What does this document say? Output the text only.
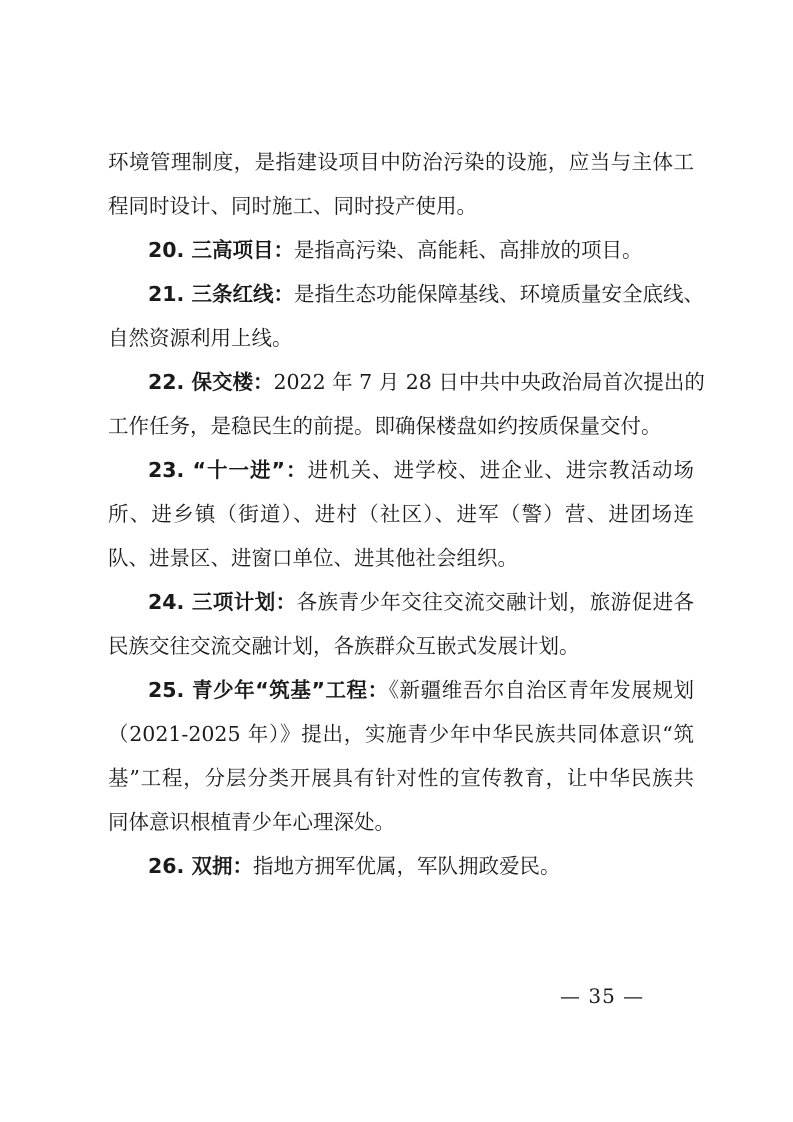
环境管理制度，是指建设项目中防治污染的设施，应当与主体工
程同时设计、同时施工、同时投产使用。
20. 三高项目：是指高污染、高能耗、高排放的项目。
21. 三条红线：是指生态功能保障基线、环境质量安全底线、
自然资源利用上线。
22. 保交楼：2022 年 7 月 28 日中共中央政治局首次提出的
工作任务，是稳民生的前提。即确保楼盘如约按质保量交付。
23. “十一进”：进机关、进学校、进企业、进宗教活动场
所、进乡镇（街道）、进村（社区）、进军（警）营、进团场连
队、进景区、进窗口单位、进其他社会组织。
24. 三项计划：各族青少年交往交流交融计划，旅游促进各
民族交往交流交融计划，各族群众互嵌式发展计划。
25. 青少年“筑基”工程：《新疆维吾尔自治区青年发展规划
（2021-2025 年）》提出，实施青少年中华民族共同体意识“筑
基”工程，分层分类开展具有针对性的宣传教育，让中华民族共
同体意识根植青少年心理深处。
26. 双拥：指地方拥军优属，军队拥政爱民。
— 35 —
